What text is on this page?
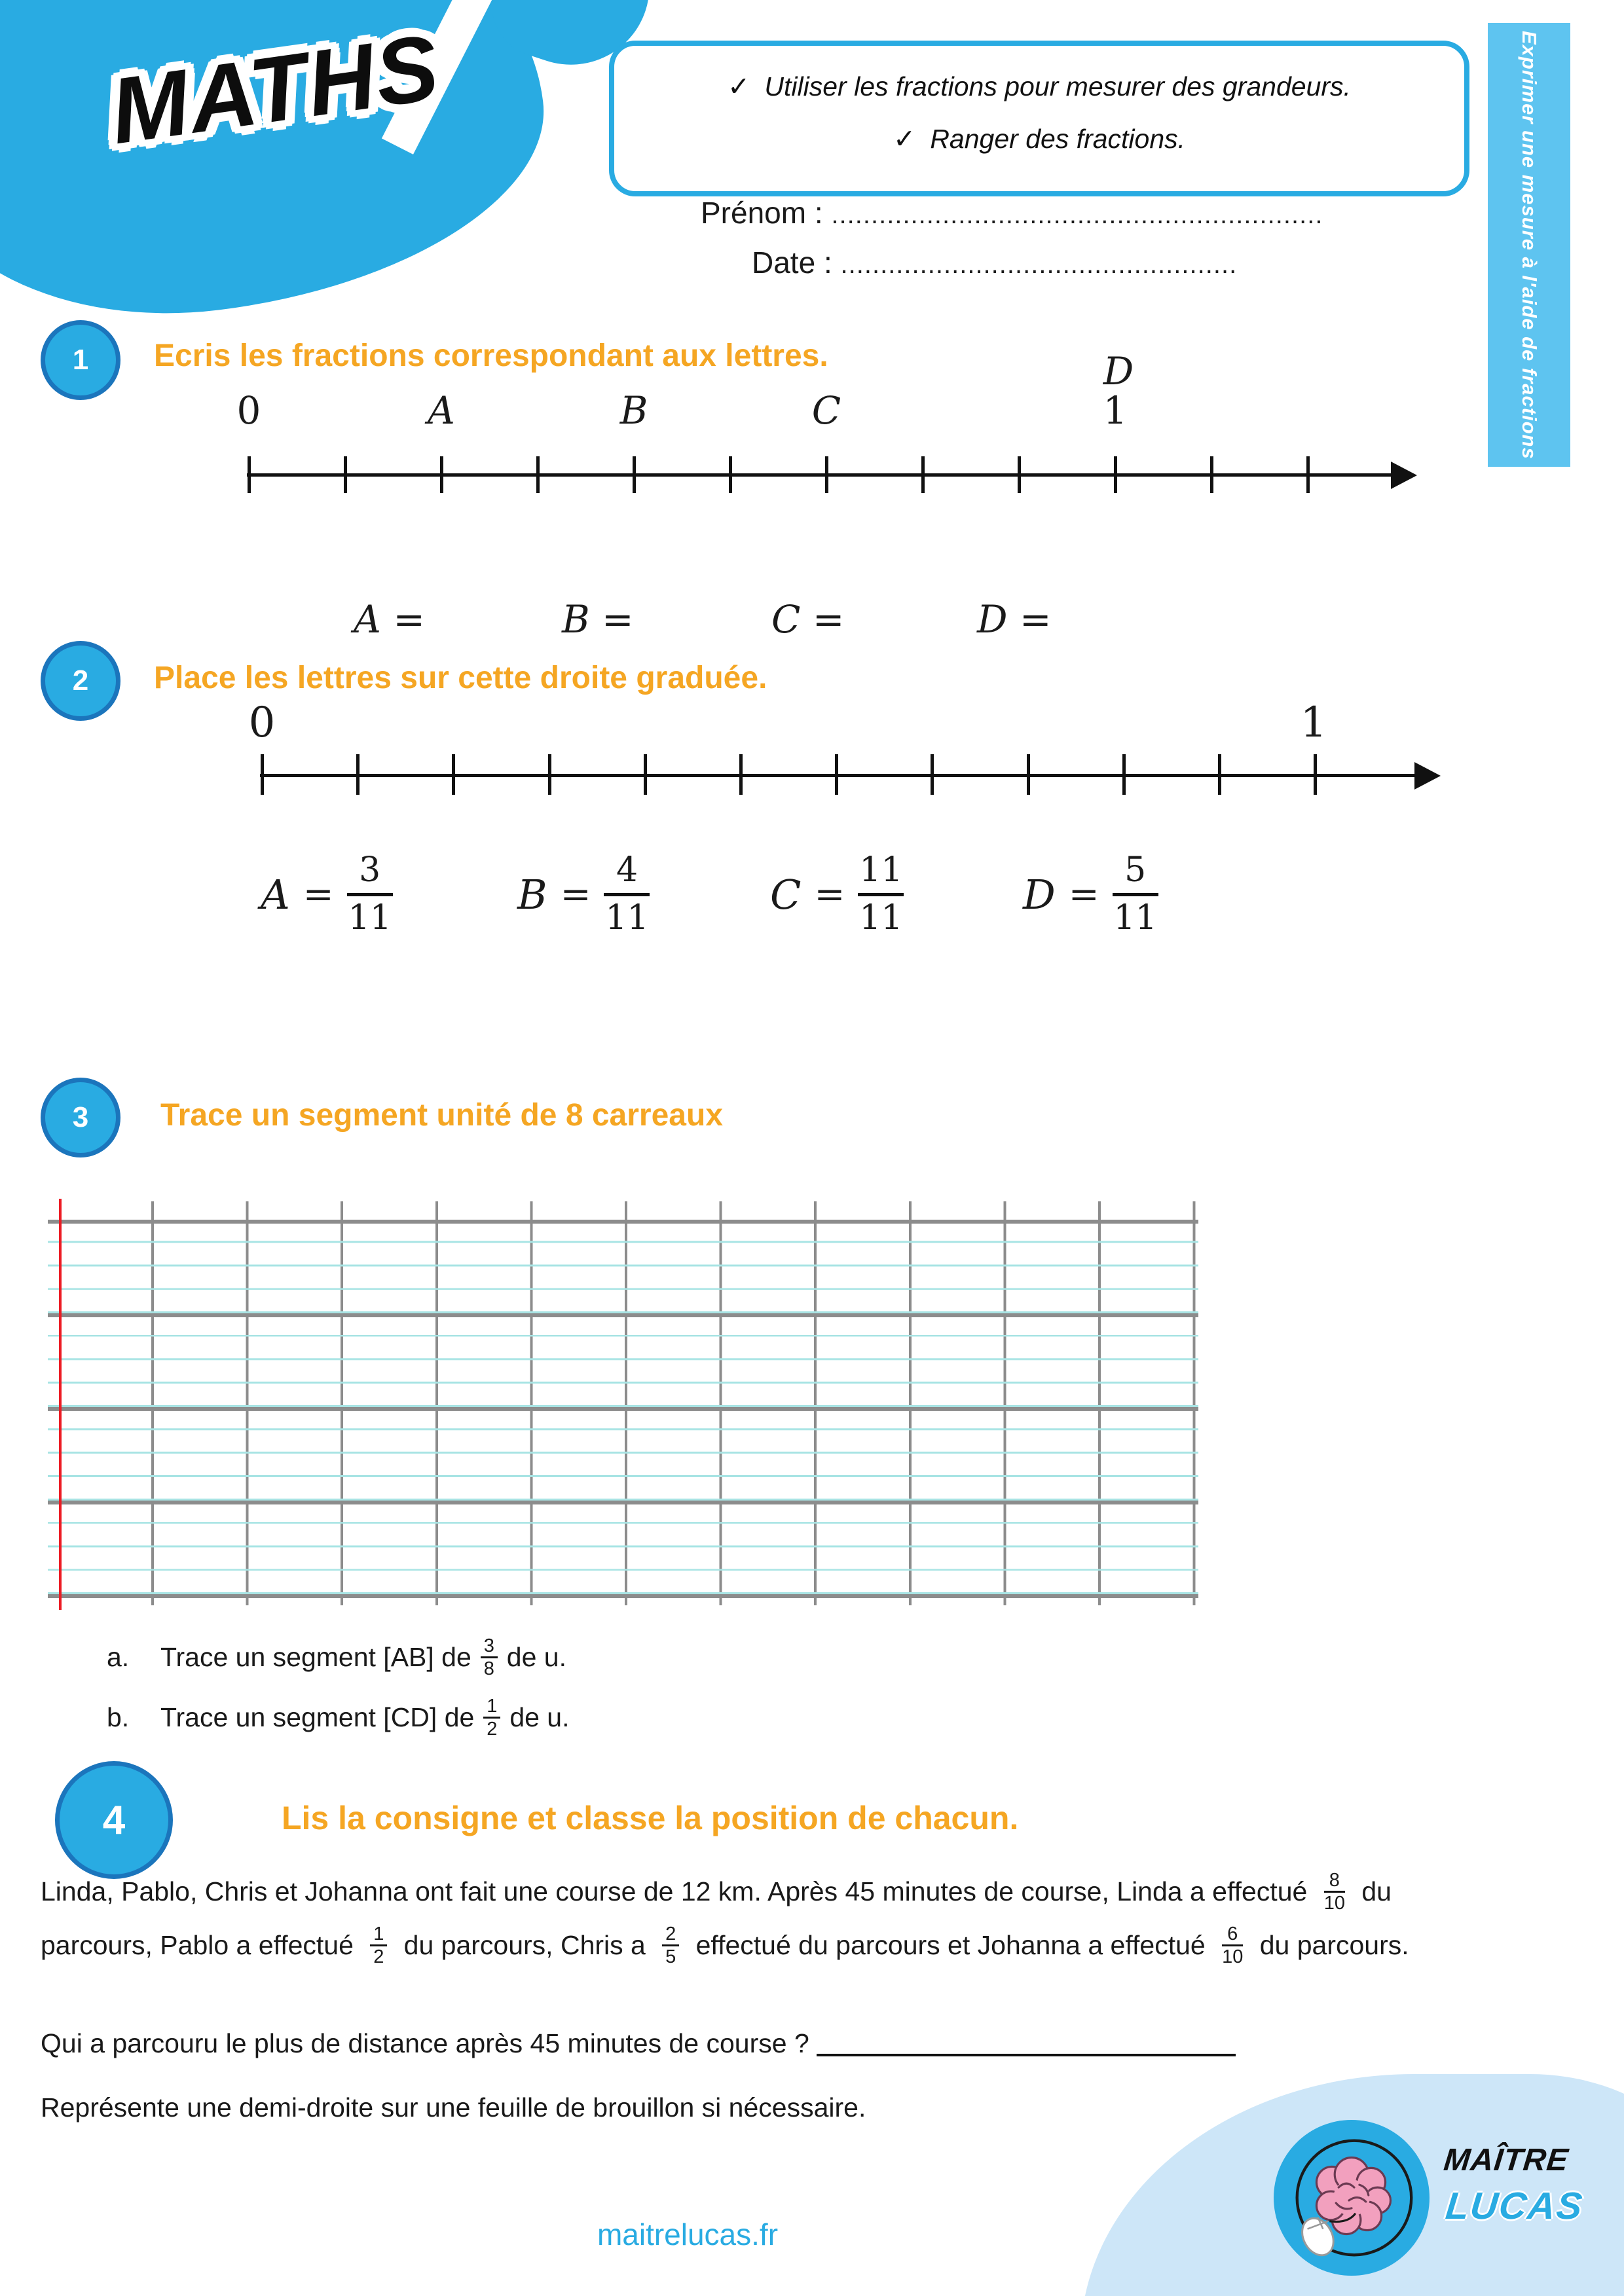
MATHS	✓ Utiliser les fractions pour mesurer des grandeurs.
✓ Ranger des fractions.	Exprimer une mesure à l'aide de fractions
Prénom : ..............................................................
Date : ..................................................
1	Ecris les fractions correspondant aux lettres.	D
0	A	B	C	1
A =	B =	C =	D =
2	Place les lettres sur cette droite graduée.
0	1
A =
3
11	B =
4
11	C =
11
11	D =
5
11
3	Trace un segment unité de 8 carreaux
a.	Trace un segment [AB] de 3
8 de u.
b.	Trace un segment [CD] de 1
2 de u.
4	Lis la consigne et classe la position de chacun.
Linda, Pablo, Chris et Johanna ont fait une course de 12 km. Après 45 minutes de course, Linda a effectué 8
10 du
parcours, Pablo a effectué 1
2 du parcours, Chris a 2
5 effectué du parcours et Johanna a effectué 6
10 du parcours.
Qui a parcouru le plus de distance après 45 minutes de course ?
Représente une demi-droite sur une feuille de brouillon si nécessaire.
MAÎTRE
LUCAS
maitrelucas.fr
